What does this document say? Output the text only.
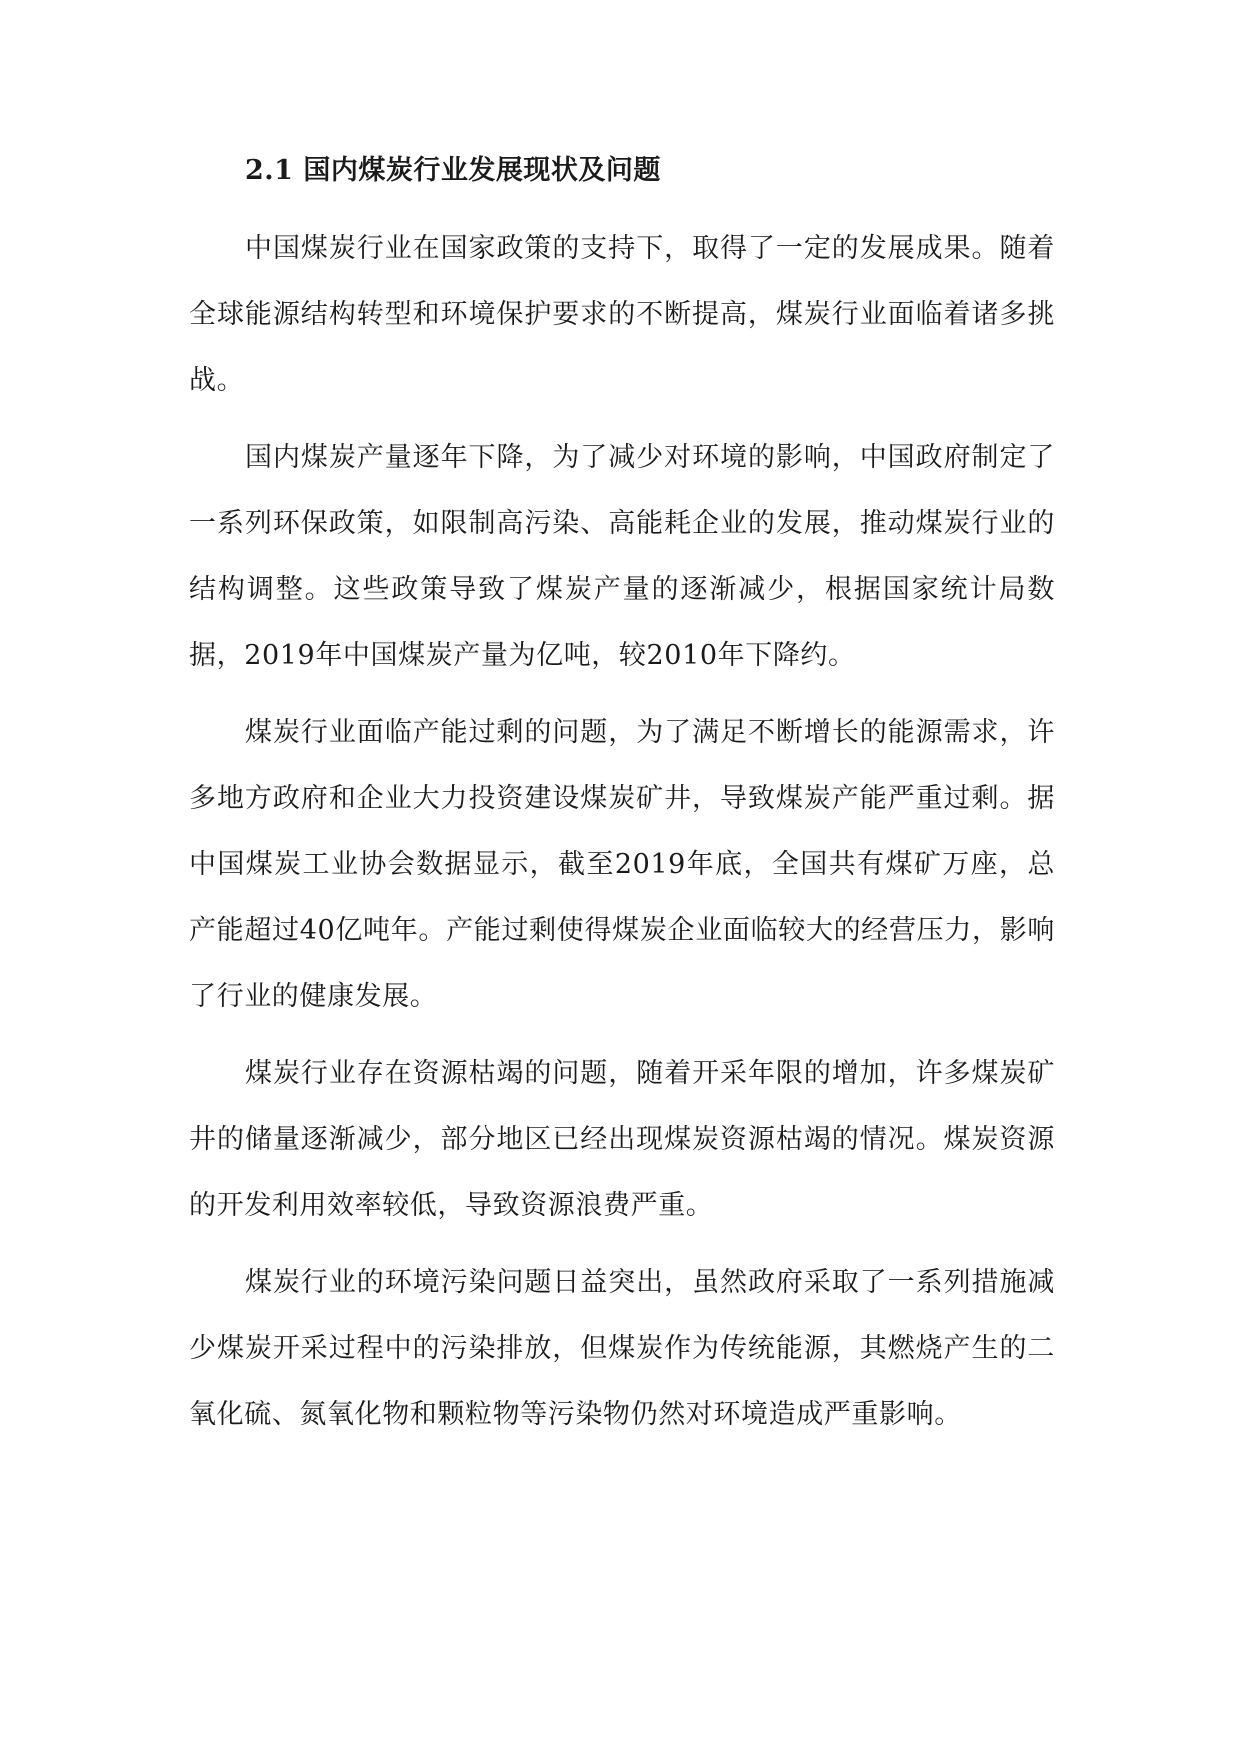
2.1 国内煤炭行业发展现状及问题

中国煤炭行业在国家政策的支持下，取得了一定的发展成果。随着全球能源结构转型和环境保护要求的不断提高，煤炭行业面临着诸多挑战。

国内煤炭产量逐年下降，为了减少对环境的影响，中国政府制定了一系列环保政策，如限制高污染、高能耗企业的发展，推动煤炭行业的结构调整。这些政策导致了煤炭产量的逐渐减少，根据国家统计局数据，2019年中国煤炭产量为亿吨，较2010年下降约。

煤炭行业面临产能过剩的问题，为了满足不断增长的能源需求，许多地方政府和企业大力投资建设煤炭矿井，导致煤炭产能严重过剩。据中国煤炭工业协会数据显示，截至2019年底，全国共有煤矿万座，总产能超过40亿吨年。产能过剩使得煤炭企业面临较大的经营压力，影响了行业的健康发展。

煤炭行业存在资源枯竭的问题，随着开采年限的增加，许多煤炭矿井的储量逐渐减少，部分地区已经出现煤炭资源枯竭的情况。煤炭资源的开发利用效率较低，导致资源浪费严重。

煤炭行业的环境污染问题日益突出，虽然政府采取了一系列措施减少煤炭开采过程中的污染排放，但煤炭作为传统能源，其燃烧产生的二氧化硫、氮氧化物和颗粒物等污染物仍然对环境造成严重影响。
